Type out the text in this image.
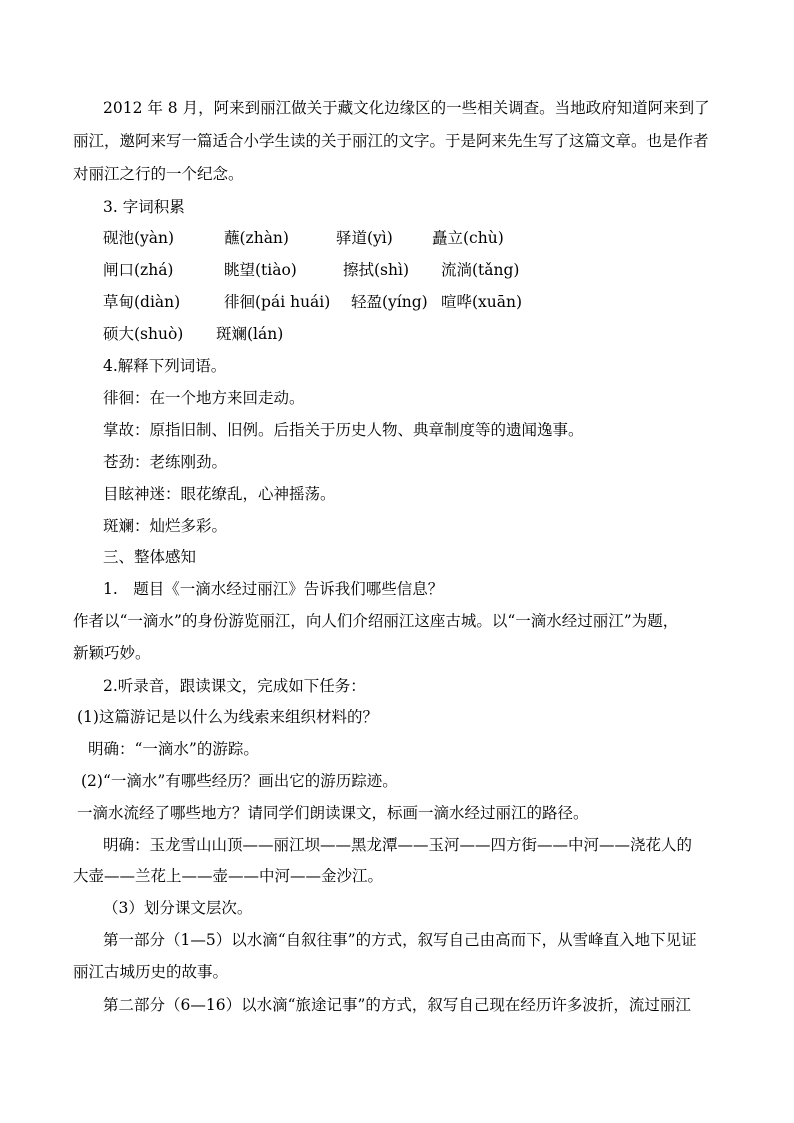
2012 年 8 月，阿来到丽江做关于藏文化边缘区的一些相关调查。当地政府知道阿来到了
丽江，邀阿来写一篇适合小学生读的关于丽江的文字。于是阿来先生写了这篇文章。也是作者
对丽江之行的一个纪念。
3. 字词积累
砚池(yàn)	蘸(zhàn)	驿道(yì)	矗立(chù)
闸口(zhá)	眺望(tiào)	擦拭(shì) 流淌(tǎng)
草甸(diàn)	徘徊(pái huái) 轻盈(yíng) 喧哗(xuān)
硕大(shuò) 斑斓(lán)
4.解释下列词语。
徘徊：在一个地方来回走动。
掌故：原指旧制、旧例。后指关于历史人物、典章制度等的遗闻逸事。
苍劲：老练刚劲。
目眩神迷：眼花缭乱，心神摇荡。
斑斓：灿烂多彩。
三、整体感知
1.　题目《一滴水经过丽江》告诉我们哪些信息？
作者以“一滴水”的身份游览丽江，向人们介绍丽江这座古城。以“一滴水经过丽江”为题，
新颖巧妙。
2.听录音，跟读课文，完成如下任务：
(1)这篇游记是以什么为线索来组织材料的？
明确：“一滴水”的游踪。
(2)“一滴水”有哪些经历？画出它的游历踪迹。
一滴水流经了哪些地方？请同学们朗读课文，标画一滴水经过丽江的路径。
明确：玉龙雪山山顶——丽江坝——黑龙潭——玉河——四方街——中河——浇花人的
大壶——兰花上——壶——中河——金沙江。
（3）划分课文层次。
第一部分（1—5）以水滴“自叙往事”的方式，叙写自己由高而下，从雪峰直入地下见证
丽江古城历史的故事。
第二部分（6—16）以水滴“旅途记事”的方式，叙写自己现在经历许多波折，流过丽江
